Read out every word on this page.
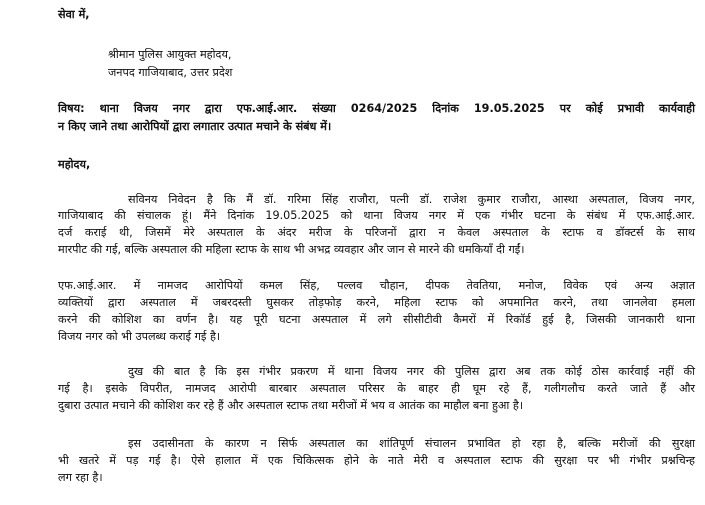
सेवा में,
श्रीमान पुलिस आयुक्त महोदय,
जनपद गाजियाबाद, उत्तर प्रदेश
विषय: थाना विजय नगर द्वारा एफ.आई.आर. संख्या 0264/2025 दिनांक 19.05.2025 पर कोई प्रभावी कार्यवाही
न किए जाने तथा आरोपियों द्वारा लगातार उत्पात मचाने के संबंध में।
महोदय,
सविनय निवेदन है कि मैं डॉ. गरिमा सिंह राजौरा, पत्नी डॉ. राजेश कुमार राजौरा, आस्था अस्पताल, विजय नगर,
गाजियाबाद की संचालक हूं। मैंने दिनांक 19.05.2025 को थाना विजय नगर में एक गंभीर घटना के संबंध में एफ.आई.आर.
दर्ज कराई थी, जिसमें मेरे अस्पताल के अंदर मरीज के परिजनों द्वारा न केवल अस्पताल के स्टाफ व डॉक्टर्स के साथ
मारपीट की गई, बल्कि अस्पताल की महिला स्टाफ के साथ भी अभद्र व्यवहार और जान से मारने की धमकियाँ दी गईं।
एफ.आई.आर. में नामजद आरोपियों कमल सिंह, पल्लव चौहान, दीपक तेवतिया, मनोज, विवेक एवं अन्य अज्ञात
व्यक्तियों द्वारा अस्पताल में जबरदस्ती घुसकर तोड़फोड़ करने, महिला स्टाफ को अपमानित करने, तथा जानलेवा हमला
करने की कोशिश का वर्णन है। यह पूरी घटना अस्पताल में लगे सीसीटीवी कैमरों में रिकॉर्ड हुई है, जिसकी जानकारी थाना
विजय नगर को भी उपलब्ध कराई गई है।
दुख की बात है कि इस गंभीर प्रकरण में थाना विजय नगर की पुलिस द्वारा अब तक कोई ठोस कार्रवाई नहीं की
गई है। इसके विपरीत, नामजद आरोपी बारबार अस्पताल परिसर के बाहर ही घूम रहे हैं, गलीगलौच करते जाते हैं और
दुबारा उत्पात मचाने की कोशिश कर रहे हैं और अस्पताल स्टाफ तथा मरीजों में भय व आतंक का माहौल बना हुआ है।
इस उदासीनता के कारण न सिर्फ अस्पताल का शांतिपूर्ण संचालन प्रभावित हो रहा है, बल्कि मरीजों की सुरक्षा
भी खतरे में पड़ गई है। ऐसे हालात में एक चिकित्सक होने के नाते मेरी व अस्पताल स्टाफ की सुरक्षा पर भी गंभीर प्रश्नचिन्ह
लग रहा है।
